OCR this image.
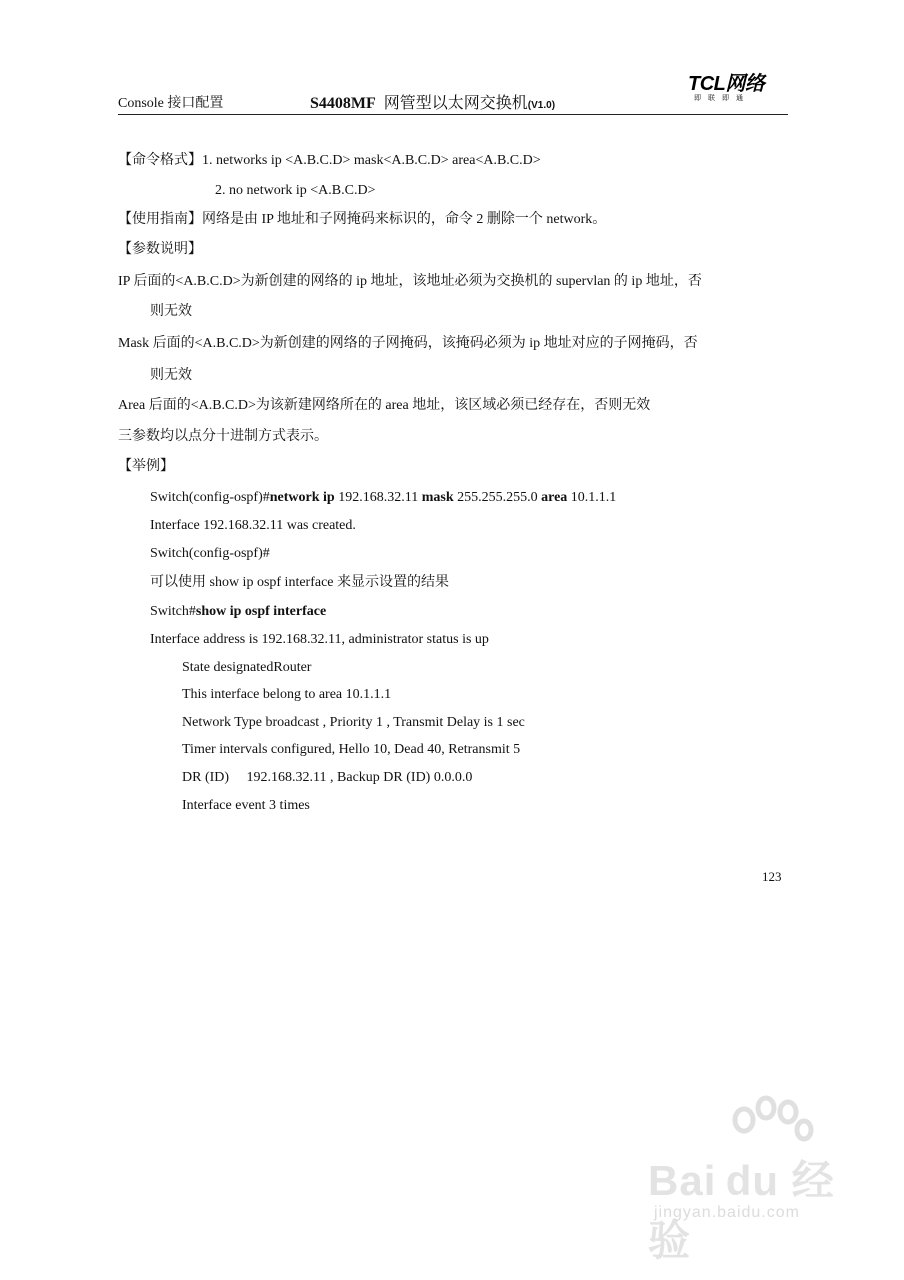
Console 接口配置	S4408MF 网管型以太网交换机(V1.0)
TCL网络
即联即通
【命令格式】1. networks ip <A.B.C.D> mask<A.B.C.D> area<A.B.C.D>
2. no network ip <A.B.C.D>
【使用指南】网络是由 IP 地址和子网掩码来标识的，命令 2 删除一个 network。
【参数说明】
IP 后面的<A.B.C.D>为新创建的网络的 ip 地址，该地址必须为交换机的 supervlan 的 ip 地址，否
则无效
Mask 后面的<A.B.C.D>为新创建的网络的子网掩码，该掩码必须为 ip 地址对应的子网掩码，否
则无效
Area 后面的<A.B.C.D>为该新建网络所在的 area 地址，该区域必须已经存在，否则无效
三参数均以点分十进制方式表示。
【举例】
Switch(config-ospf)#network ip 192.168.32.11 mask 255.255.255.0 area 10.1.1.1
Interface 192.168.32.11 was created.
Switch(config-ospf)#
可以使用 show ip ospf interface 来显示设置的结果
Switch#show ip ospf interface
Interface address is 192.168.32.11, administrator status is up
State designatedRouter
This interface belong to area 10.1.1.1
Network Type broadcast , Priority 1 , Transmit Delay is 1 sec
Timer intervals configured, Hello 10, Dead 40, Retransmit 5
DR (ID)     192.168.32.11 , Backup DR (ID) 0.0.0.0
Interface event 3 times
123
Bai du 经验
jingyan.baidu.com
